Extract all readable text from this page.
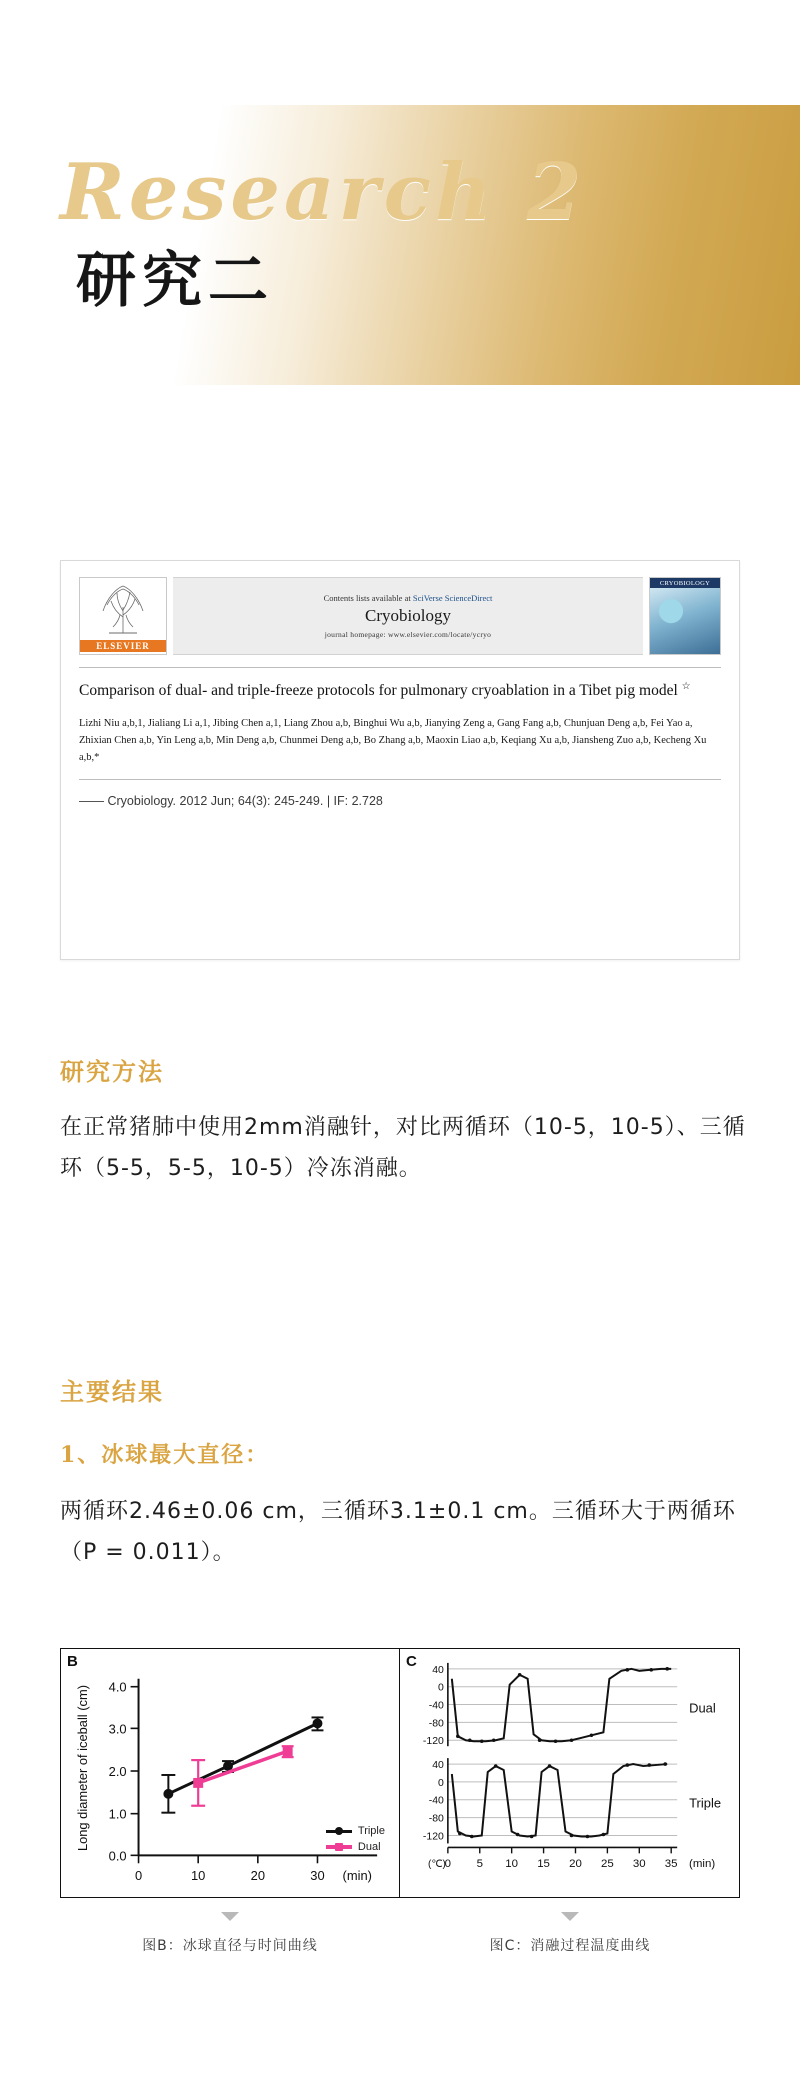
Research 2
研究二
ELSEVIER
Contents lists available at SciVerse ScienceDirect
Cryobiology
journal homepage: www.elsevier.com/locate/ycryo
CRYOBIOLOGY
Comparison of dual- and triple-freeze protocols for pulmonary cryoablation in a Tibet pig model ☆
Lizhi Niu a,b,1, Jialiang Li a,1, Jibing Chen a,1, Liang Zhou a,b, Binghui Wu a,b, Jianying Zeng a, Gang Fang a,b, Chunjuan Deng a,b, Fei Yao a, Zhixian Chen a,b, Yin Leng a,b, Min Deng a,b, Chunmei Deng a,b, Bo Zhang a,b, Maoxin Liao a,b, Keqiang Xu a,b, Jiansheng Zuo a,b, Kecheng Xu a,b,*
—— Cryobiology. 2012 Jun; 64(3): 245-249. | IF: 2.728
研究方法
在正常猪肺中使用2mm消融针，对比两循环（10-5，10-5）、三循环（5-5，5-5，10-5）冷冻消融。
主要结果
1、冰球最大直径：
两循环2.46±0.06 cm，三循环3.1±0.1 cm。三循环大于两循环（P = 0.011）。
B
4.0
3.0
2.0
1.0
0.0
0	10	20	30 (min)
Long diameter of iceball (cm)	Triple
Dual
C
40
0
-40
-80
-120
Dual
40
0
-40
-80
-120
Triple
0 5 10 15 20 25 30 35 (min)
(℃)
图B：冰球直径与时间曲线	图C：消融过程温度曲线
